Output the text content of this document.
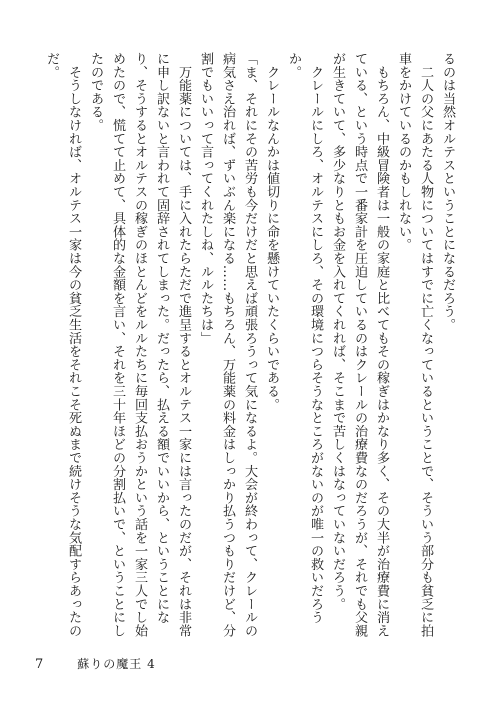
るのは当然オルテスということになるだろう。

　二人の父にあたる人物についてはすでに亡くなっているということで、そういう部分も貧乏に拍車をかけているのかもしれない。

　もちろん、中級冒険者は一般の家庭と比べてもその稼ぎはかなり多く、その大半が治療費に消えている、という時点で一番家計を圧迫しているのはクレールの治療費なのだろうが、それでも父親が生きていて、多少なりともお金を入れてくれれば、そこまで苦しくはなっていないだろう。

　クレールにしろ、オルテスにしろ、その環境につらそうなところがないのが唯一の救いだろうか。

　クレールなんかは値切りに命を懸けていたくらいである。

「ま、それにその苦労も今だけだと思えば頑張ろうって気になるよ。大会が終わって、クレールの病気さえ治れば、ずいぶん楽になる……もちろん、万能薬の料金はしっかり払うつもりだけど、分割でもいいって言ってくれたしね、ルルたちは」

　万能薬については、手に入れたらただで進呈するとオルテス一家には言ったのだが、それは非常に申し訳ないと言われて固辞されてしまった。だったら、払える額でいいから、ということになり、そうするとオルテスの稼ぎのほとんどをルルたちに毎回支払おうかという話を一家三人でし始めたので、慌てて止めて、具体的な金額を言い、それを三十年ほどの分割払いで、ということにしたのである。

　そうしなければ、オルテス一家は今の貧乏生活をそれこそ死ぬまで続けそうな気配すらあったのだ。

7	蘇りの魔王 4
